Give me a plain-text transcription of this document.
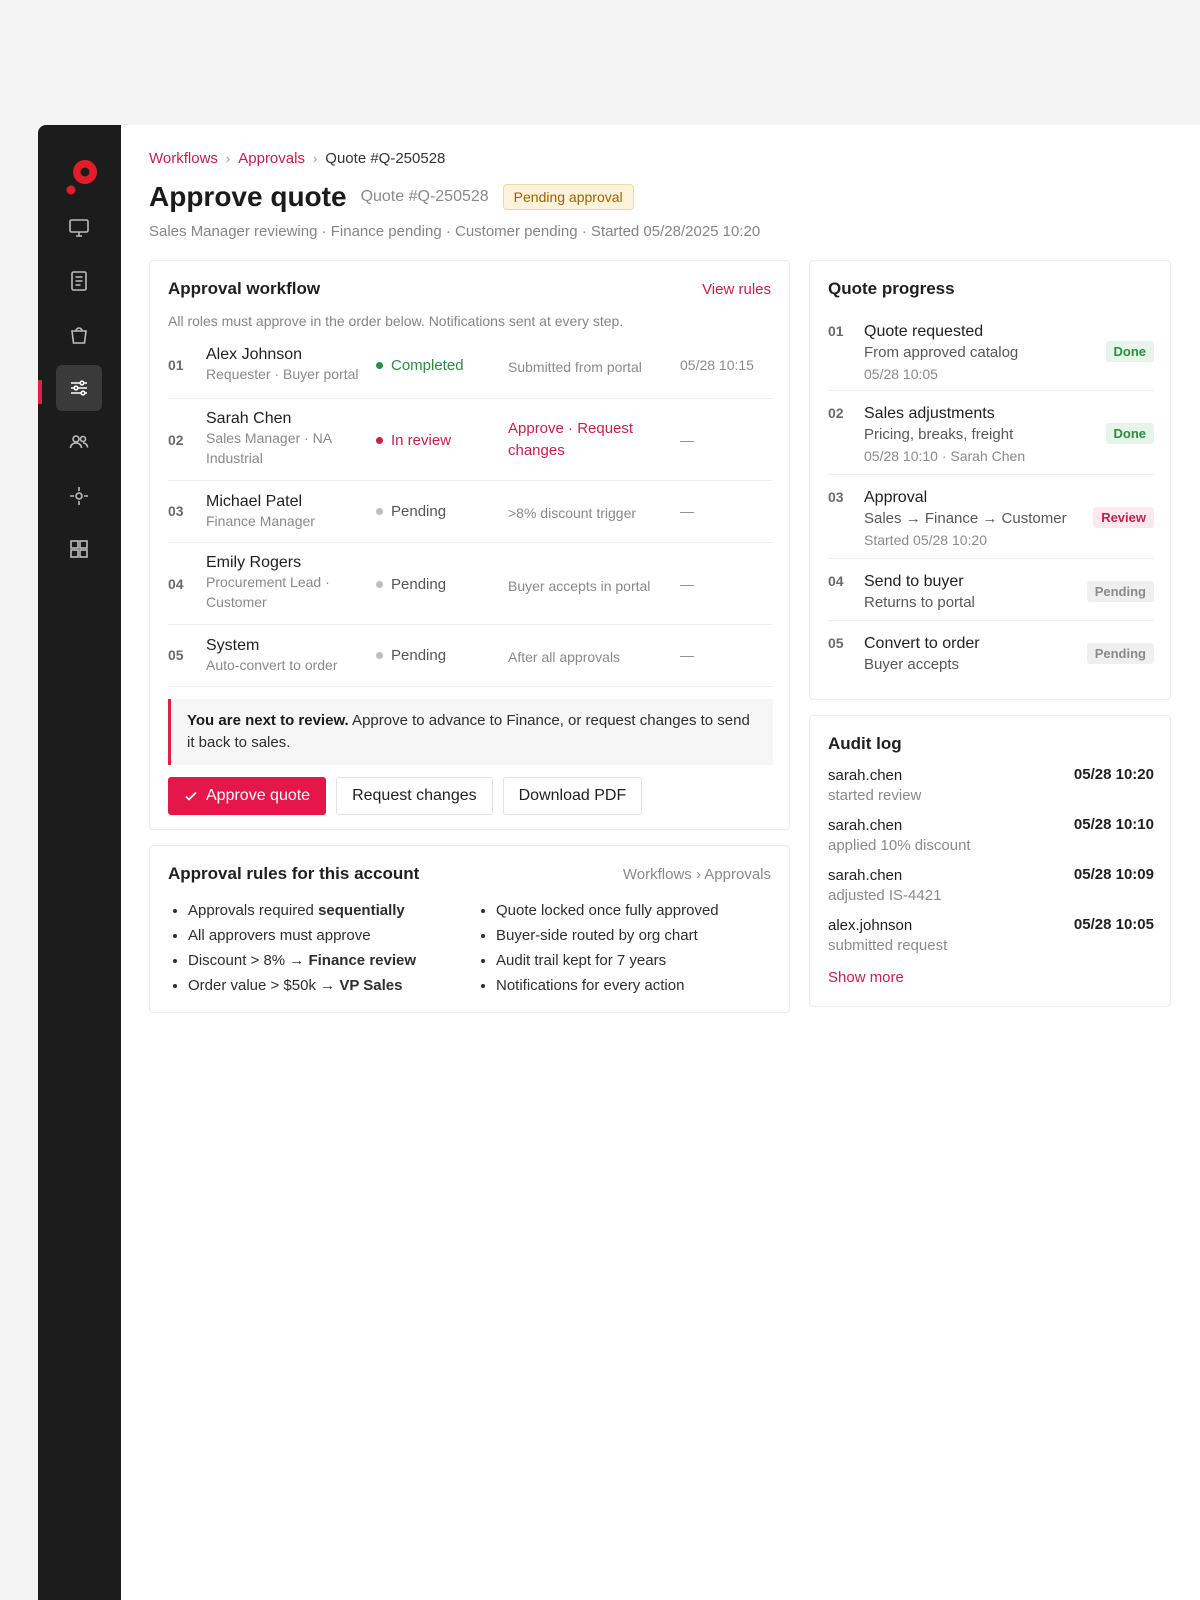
Workflows › Approvals › Quote #Q-250528
Approve quote Quote #Q-250528	Pending approval
Sales Manager reviewing · Finance pending · Customer pending · Started 05/28/2025 10:20
Approval workflow	View rules
All roles must approve in the order below. Notifications sent at every step.
01
Alex Johnson
Requester · Buyer portal	Completed	Submitted from portal	05/28 10:15
02
Sarah Chen
Sales Manager · NA Industrial
In review
Approve · Request changes
—
03
Michael Patel
Finance Manager
Pending	>8% discount trigger	—
04
Emily Rogers
Procurement Lead · Customer
Pending	Buyer accepts in portal	—
05
System
Auto-convert to order
Pending	After all approvals	—
You are next to review. Approve to advance to Finance, or request changes to send it back to sales.
Approve quote	Request changes	Download PDF
Approval rules for this account	Workflows › Approvals
• Approvals required sequentially
• All approvers must approve
• Discount > 8% → Finance review
• Order value > $50k → VP Sales
• Quote locked once fully approved
• Buyer-side routed by org chart
• Audit trail kept for 7 years
• Notifications for every action
Quote progress
01 Quote requested
From approved catalog
05/28 10:05
Done
02 Sales adjustments
Pricing, breaks, freight
05/28 10:10 · Sarah Chen
Done
03 Approval
Sales → Finance → Customer
Started 05/28 10:20
Review
04 Send to buyer
Returns to portal
Pending
05 Convert to order
Buyer accepts
Pending
Audit log
sarah.chen
started review
05/28 10:20
sarah.chen
applied 10% discount
05/28 10:10
sarah.chen
adjusted IS-4421
05/28 10:09
alex.johnson
submitted request
05/28 10:05
Show more
